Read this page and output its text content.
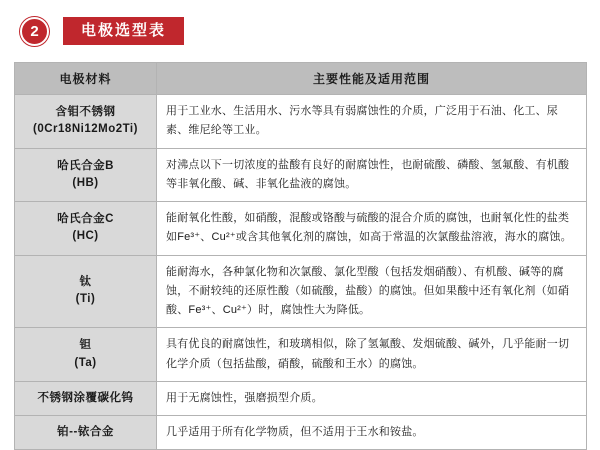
2	电极选型表
电极材料	主要性能及适用范围

含钼不锈钢
(0Cr18Ni12Mo2Ti)	用于工业水、生活用水、污水等具有弱腐蚀性的介质，广泛用于石油、化工、尿素、维尼纶等工业。

哈氏合金B
(HB)	对沸点以下一切浓度的盐酸有良好的耐腐蚀性，也耐硫酸、磷酸、氢氟酸、有机酸等非氧化酸、碱、非氧化盐液的腐蚀。

哈氏合金C
(HC)	能耐氧化性酸，如硝酸，混酸或铬酸与硫酸的混合介质的腐蚀，也耐氧化性的盐类如Fe³⁺、Cu²⁺或含其他氧化剂的腐蚀，如高于常温的次氯酸盐溶液，海水的腐蚀。

钛
(Ti)	能耐海水，各种氯化物和次氯酸、氯化型酸（包括发烟硝酸）、有机酸、碱等的腐蚀，不耐较纯的还原性酸（如硫酸，盐酸）的腐蚀。但如果酸中还有氧化剂（如硝酸、Fe³⁺、Cu²⁺）时，腐蚀性大为降低。

钽
(Ta)	具有优良的耐腐蚀性，和玻璃相似，除了氢氟酸、发烟硫酸、碱外，几乎能耐一切化学介质（包括盐酸，硝酸，硫酸和王水）的腐蚀。

不锈钢涂覆碳化钨	用于无腐蚀性，强磨损型介质。

铂--铱合金	几乎适用于所有化学物质，但不适用于王水和铵盐。
